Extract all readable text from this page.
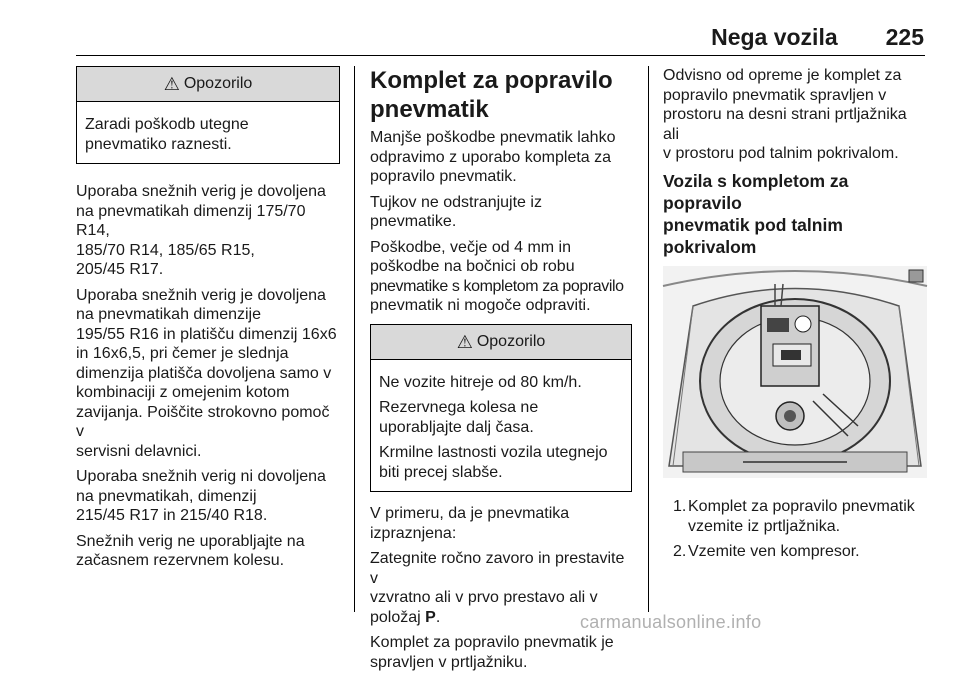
Nega vozila 225
⚠ Opozorilo

Zaradi poškodb utegne
pnevmatiko raznesti.

Uporaba snežnih verig je dovoljena
na pnevmatikah dimenzij 175/70 R14,
185/70 R14, 185/65 R15,
205/45 R17.

Uporaba snežnih verig je dovoljena
na pnevmatikah dimenzije
195/55 R16 in platišču dimenzij 16x6
in 16x6,5, pri čemer je slednja
dimenzija platišča dovoljena samo v
kombinaciji z omejenim kotom
zavijanja. Poiščite strokovno pomoč v
servisni delavnici.

Uporaba snežnih verig ni dovoljena
na pnevmatikah, dimenzij
215/45 R17 in 215/40 R18.

Snežnih verig ne uporabljajte na
začasnem rezervnem kolesu.

Komplet za popravilo
pnevmatik

Manjše poškodbe pnevmatik lahko
odpravimo z uporabo kompleta za
popravilo pnevmatik.

Tujkov ne odstranjujte iz pnevmatike.

Poškodbe, večje od 4 mm in
poškodbe na bočnici ob robu
pnevmatike s kompletom za popravilo
pnevmatik ni mogoče odpraviti.

⚠ Opozorilo

Ne vozite hitreje od 80 km/h.

Rezervnega kolesa ne
uporabljajte dalj časa.

Krmilne lastnosti vozila utegnejo
biti precej slabše.

V primeru, da je pnevmatika
izpraznjena:

Zategnite ročno zavoro in prestavite v
vzvratno ali v prvo prestavo ali v
položaj P.

Komplet za popravilo pnevmatik je
spravljen v prtljažniku.

Odvisno od opreme je komplet za
popravilo pnevmatik spravljen v
prostoru na desni strani prtljažnika ali
v prostoru pod talnim pokrivalom.

Vozila s kompletom za popravilo
pnevmatik pod talnim pokrivalom
1. Komplet za popravilo pnevmatik
vzemite iz prtljažnika.
2. Vzemite ven kompresor.
carmanualsonline.info
